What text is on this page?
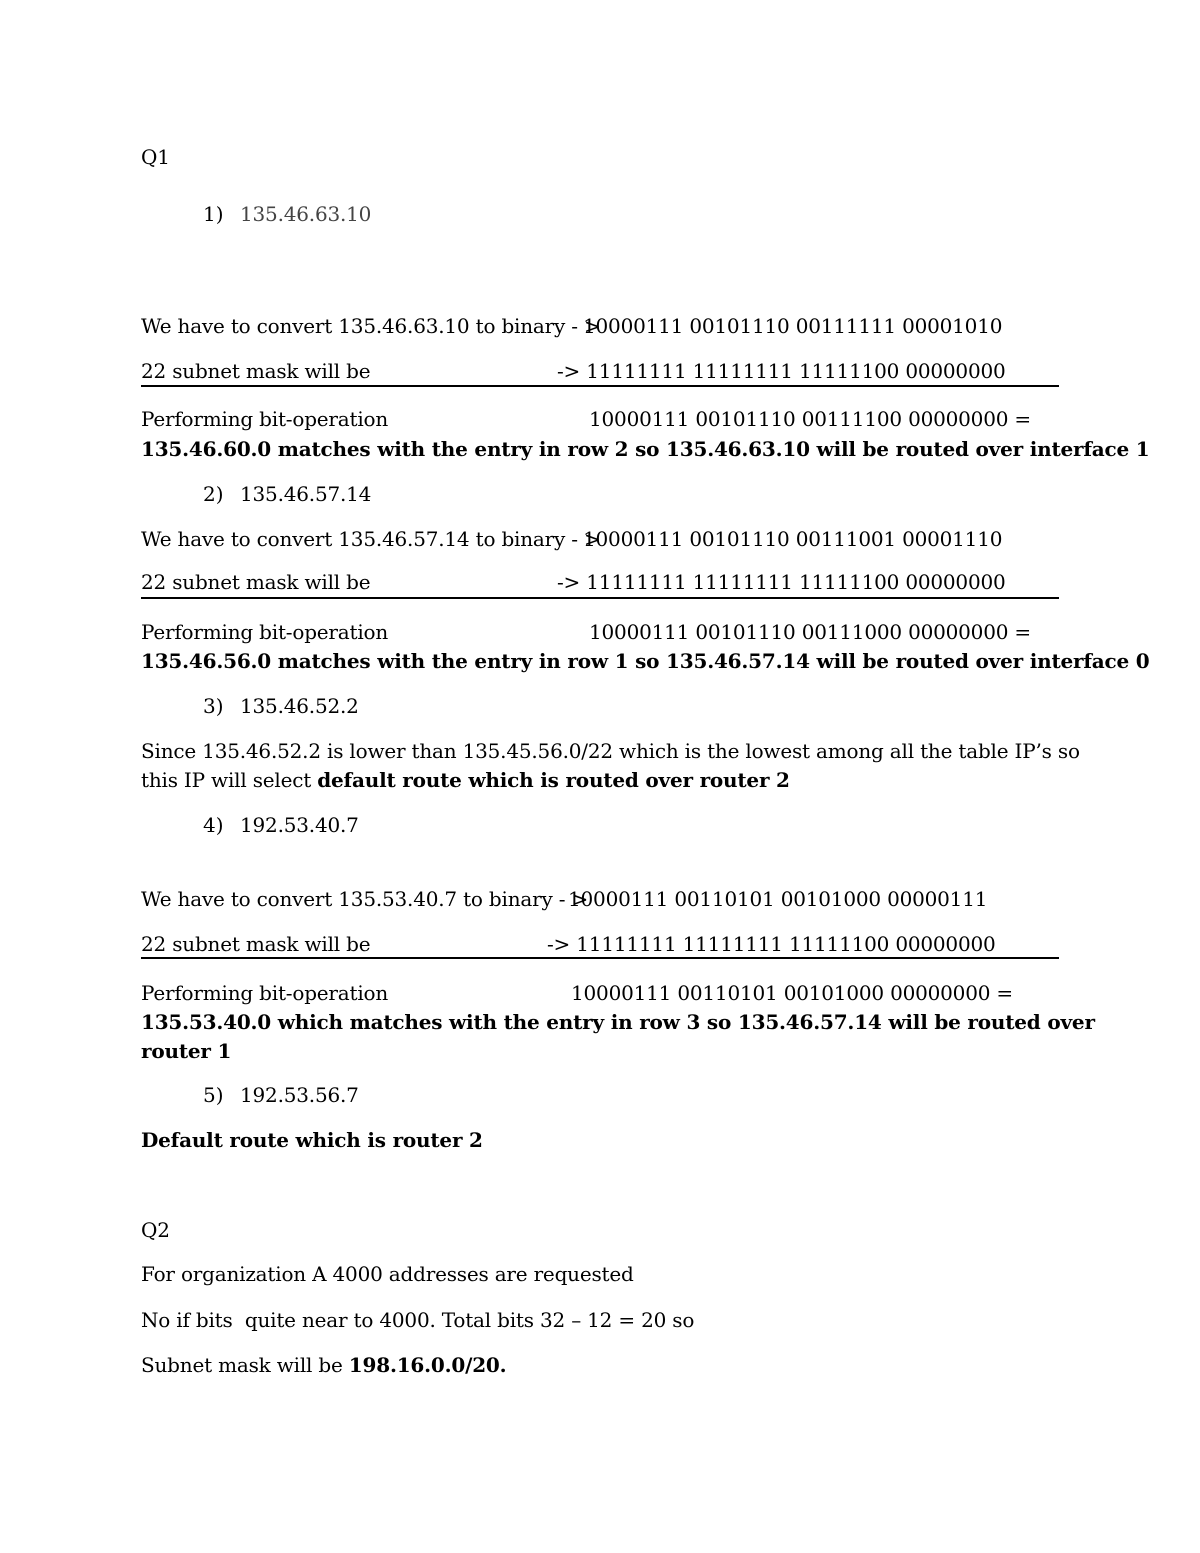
Q1
1) 135.46.63.10
We have to convert 135.46.63.10 to binary - >
10000111 00101110 00111111 00001010
22 subnet mask will be	-> 11111111 11111111 11111100 00000000
Performing bit-operation	10000111 00101110 00111100 00000000 =
135.46.60.0 matches with the entry in row 2 so 135.46.63.10 will be routed over interface 1
2) 135.46.57.14
We have to convert 135.46.57.14 to binary - >
10000111 00101110 00111001 00001110
22 subnet mask will be	-> 11111111 11111111 11111100 00000000
Performing bit-operation	10000111 00101110 00111000 00000000 =
135.46.56.0 matches with the entry in row 1 so 135.46.57.14 will be routed over interface 0
3) 135.46.52.2
Since 135.46.52.2 is lower than 135.45.56.0/22 which is the lowest among all the table IP’s so
this IP will select default route which is routed over router 2
4) 192.53.40.7
We have to convert 135.53.40.7 to binary - >
10000111 00110101 00101000 00000111
22 subnet mask will be	-> 11111111 11111111 11111100 00000000
Performing bit-operation	10000111 00110101 00101000 00000000 =
135.53.40.0 which matches with the entry in row 3 so 135.46.57.14 will be routed over
router 1
5) 192.53.56.7
Default route which is router 2
Q2
For organization A 4000 addresses are requested
No if bits  quite near to 4000. Total bits 32 – 12 = 20 so
Subnet mask will be 198.16.0.0/20.
